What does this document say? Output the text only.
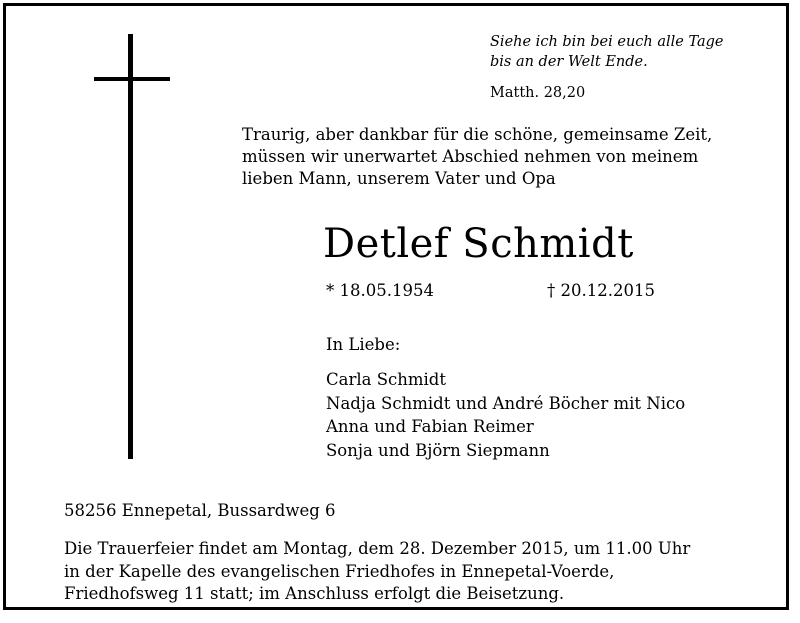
Siehe ich bin bei euch alle Tage
bis an der Welt Ende.
Matth. 28,20
Traurig, aber dankbar für die schöne, gemeinsame Zeit,
müssen wir unerwartet Abschied nehmen von meinem
lieben Mann, unserem Vater und Opa
Detlef Schmidt
* 18.05.1954	† 20.12.2015
In Liebe:
Carla Schmidt
Nadja Schmidt und André Böcher mit Nico
Anna und Fabian Reimer
Sonja und Björn Siepmann
58256 Ennepetal, Bussardweg 6
Die Trauerfeier findet am Montag, dem 28. Dezember 2015, um 11.00 Uhr
in der Kapelle des evangelischen Friedhofes in Ennepetal-Voerde,
Friedhofsweg 11 statt; im Anschluss erfolgt die Beisetzung.
